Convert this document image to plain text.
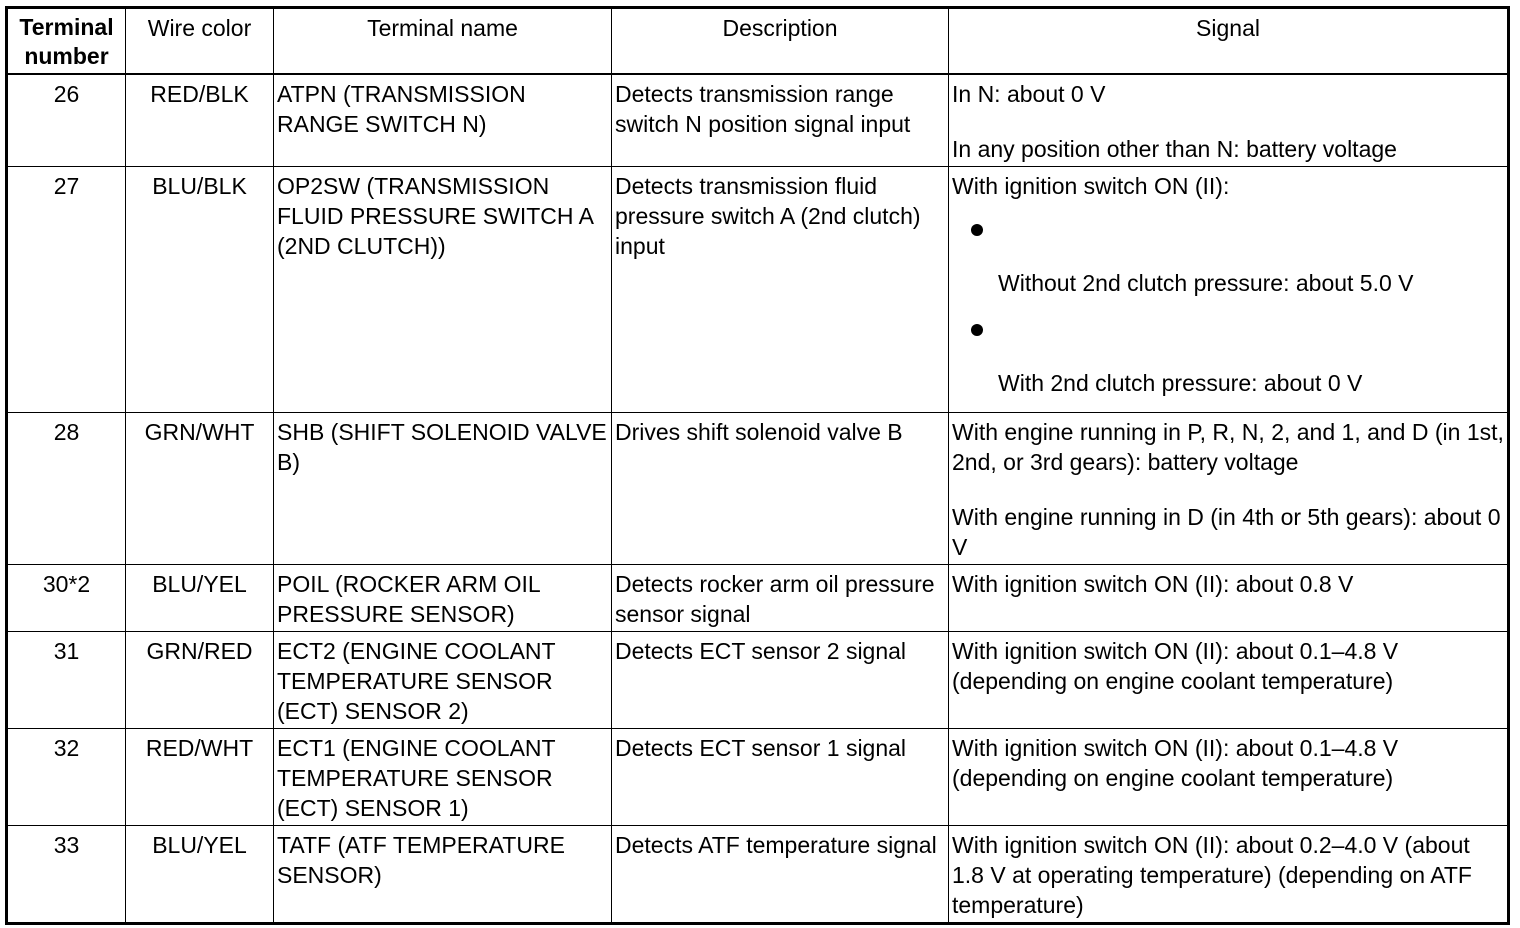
Terminal number	Wire color	Terminal name	Description	Signal
26	RED/BLK	ATPN (TRANSMISSION RANGE SWITCH N)	Detects transmission range switch N position signal input	In N: about 0 V

In any position other than N: battery voltage

27	BLU/BLK	OP2SW (TRANSMISSION FLUID PRESSURE SWITCH A (2ND CLUTCH))	Detects transmission fluid pressure switch A (2nd clutch) input	With ignition switch ON (II):

Without 2nd clutch pressure: about 5.0 V
With 2nd clutch pressure: about 0 V

28	GRN/WHT	SHB (SHIFT SOLENOID VALVE B)	Drives shift solenoid valve B	With engine running in P, R, N, 2, and 1, and D (in 1st, 2nd, or 3rd gears): battery voltage

With engine running in D (in 4th or 5th gears): about 0 V

30*2	BLU/YEL	POIL (ROCKER ARM OIL PRESSURE SENSOR)	Detects rocker arm oil pressure sensor signal	With ignition switch ON (II): about 0.8 V

31	GRN/RED	ECT2 (ENGINE COOLANT TEMPERATURE SENSOR (ECT) SENSOR 2)	Detects ECT sensor 2 signal	With ignition switch ON (II): about 0.1–4.8 V (depending on engine coolant temperature)

32	RED/WHT	ECT1 (ENGINE COOLANT TEMPERATURE SENSOR (ECT) SENSOR 1)	Detects ECT sensor 1 signal	With ignition switch ON (II): about 0.1–4.8 V (depending on engine coolant temperature)

33	BLU/YEL	TATF (ATF TEMPERATURE SENSOR)	Detects ATF temperature signal	With ignition switch ON (II): about 0.2–4.0 V (about 1.8 V at operating temperature) (depending on ATF temperature)
